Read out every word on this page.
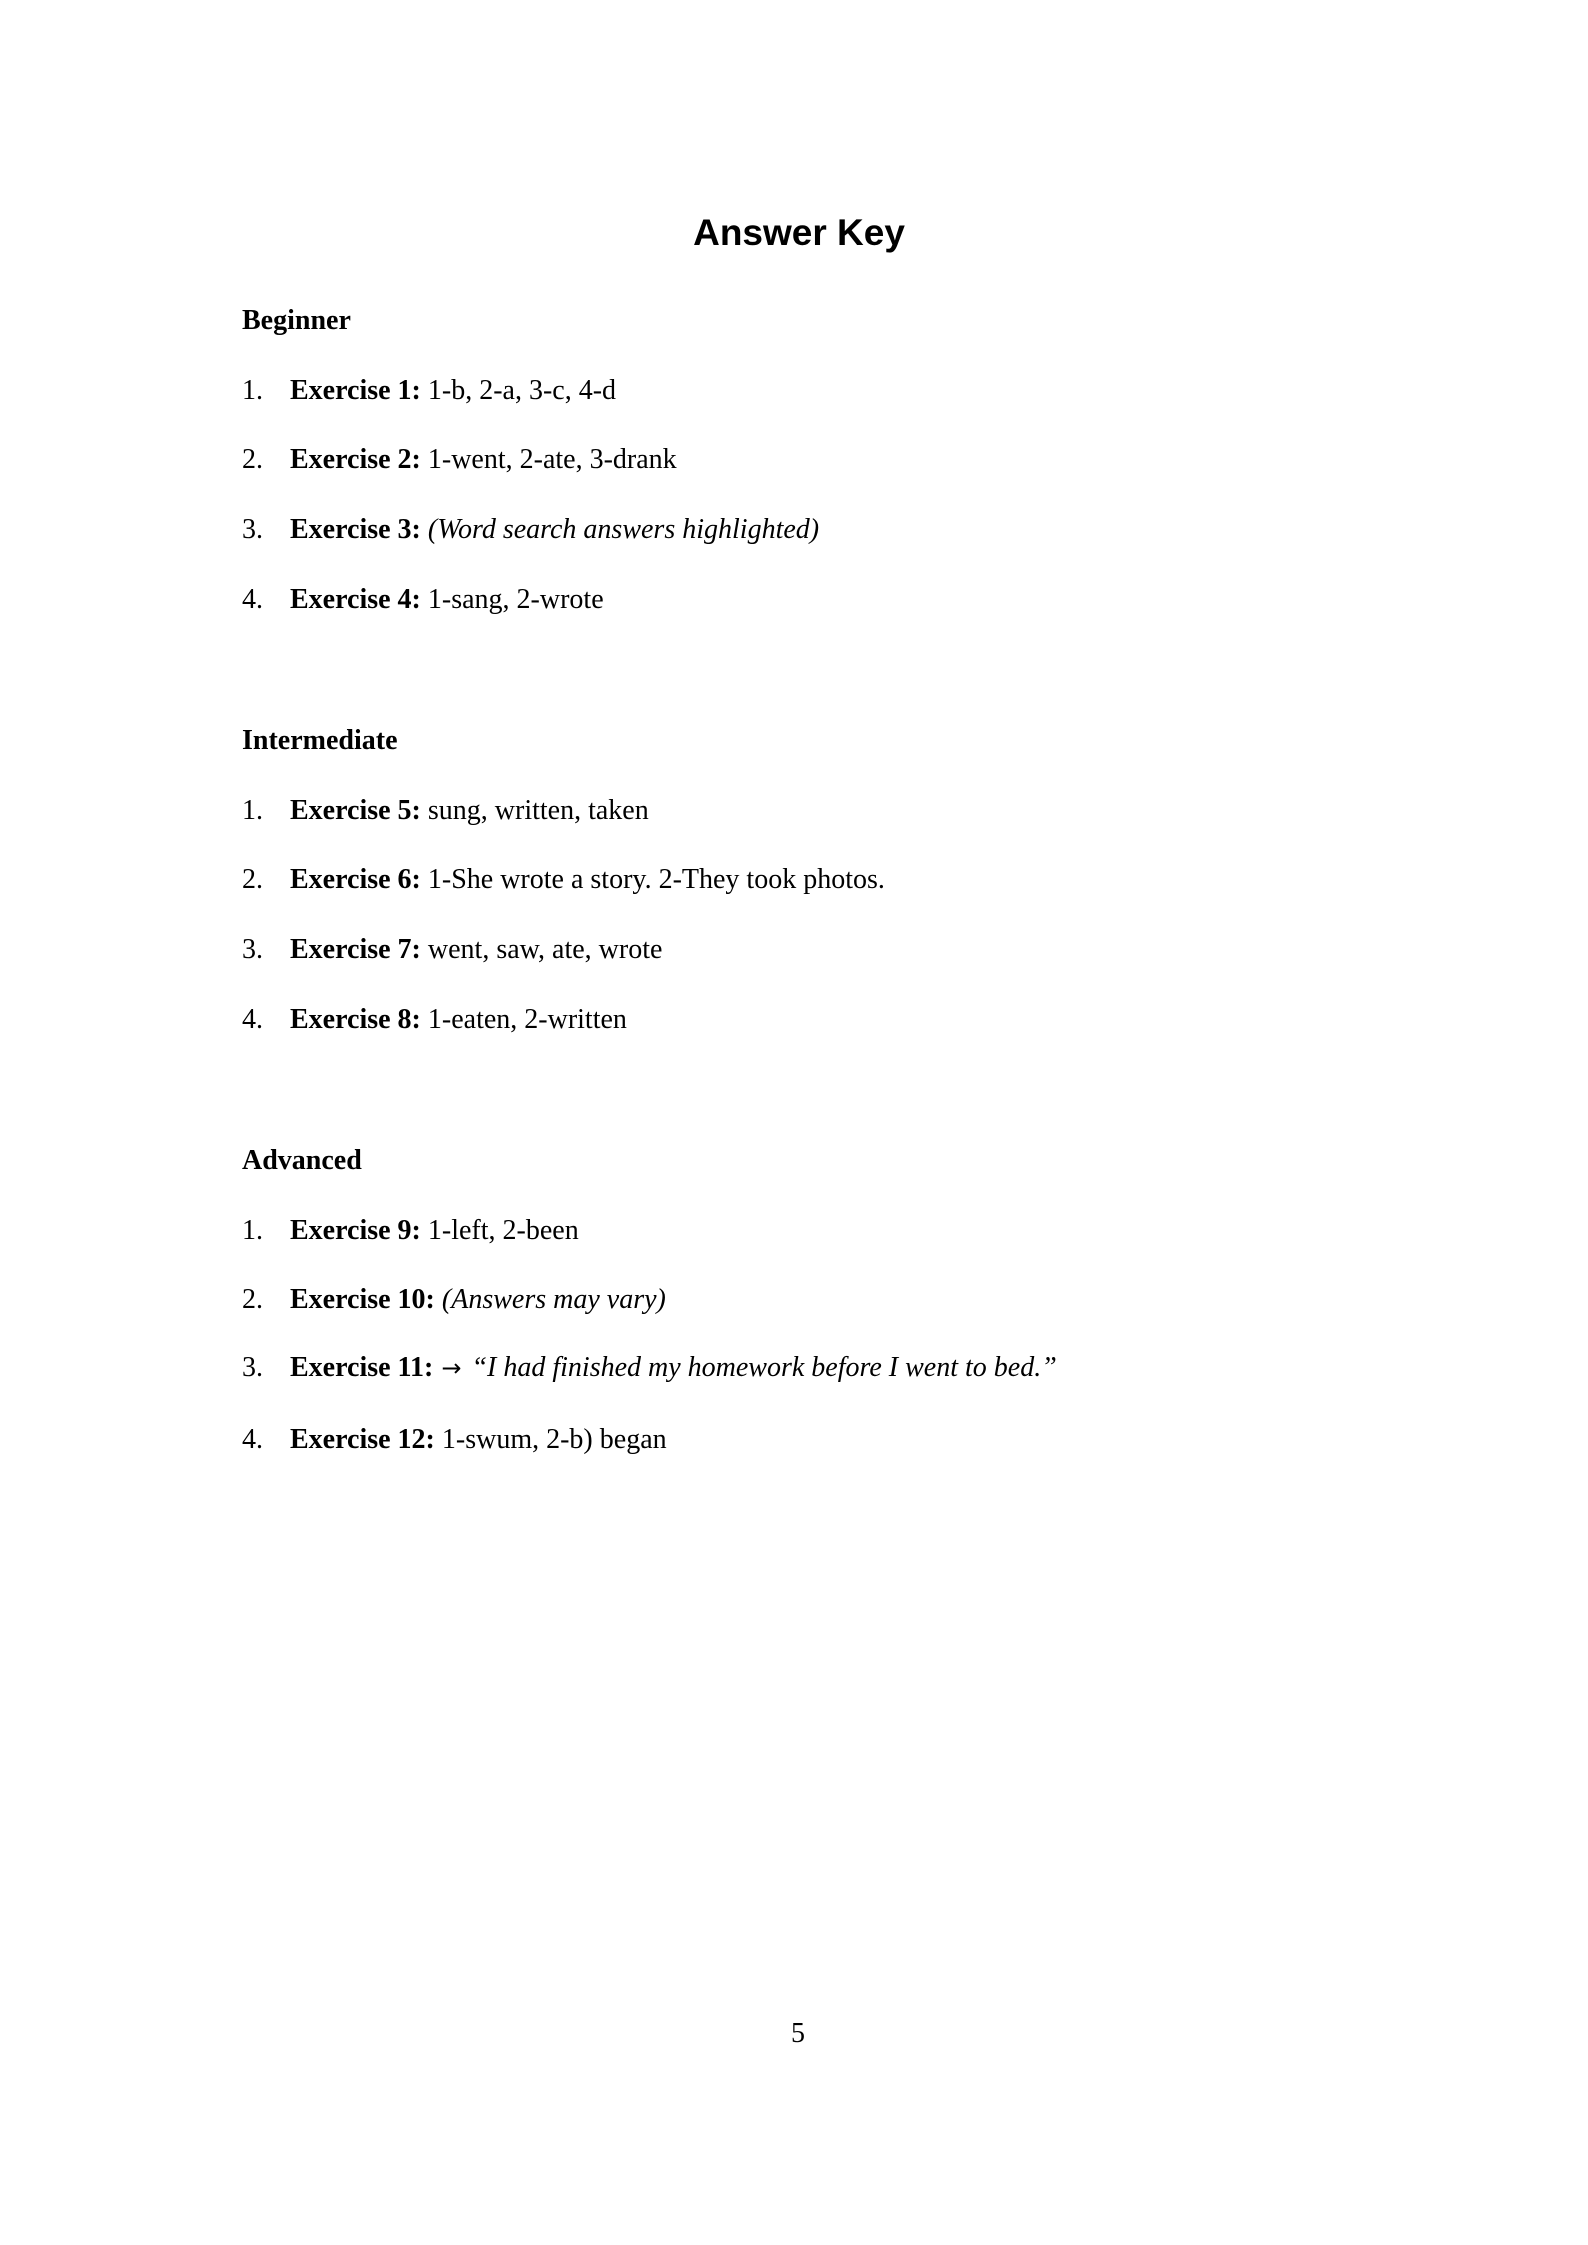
Answer Key
Beginner
1. Exercise 1: 1-b, 2-a, 3-c, 4-d
2. Exercise 2: 1-went, 2-ate, 3-drank
3. Exercise 3: (Word search answers highlighted)
4. Exercise 4: 1-sang, 2-wrote
Intermediate
1. Exercise 5: sung, written, taken
2. Exercise 6: 1-She wrote a story. 2-They took photos.
3. Exercise 7: went, saw, ate, wrote
4. Exercise 8: 1-eaten, 2-written
Advanced
1. Exercise 9: 1-left, 2-been
2. Exercise 10: (Answers may vary)
3. Exercise 11: → “I had finished my homework before I went to bed.”
4. Exercise 12: 1-swum, 2-b) began
5
